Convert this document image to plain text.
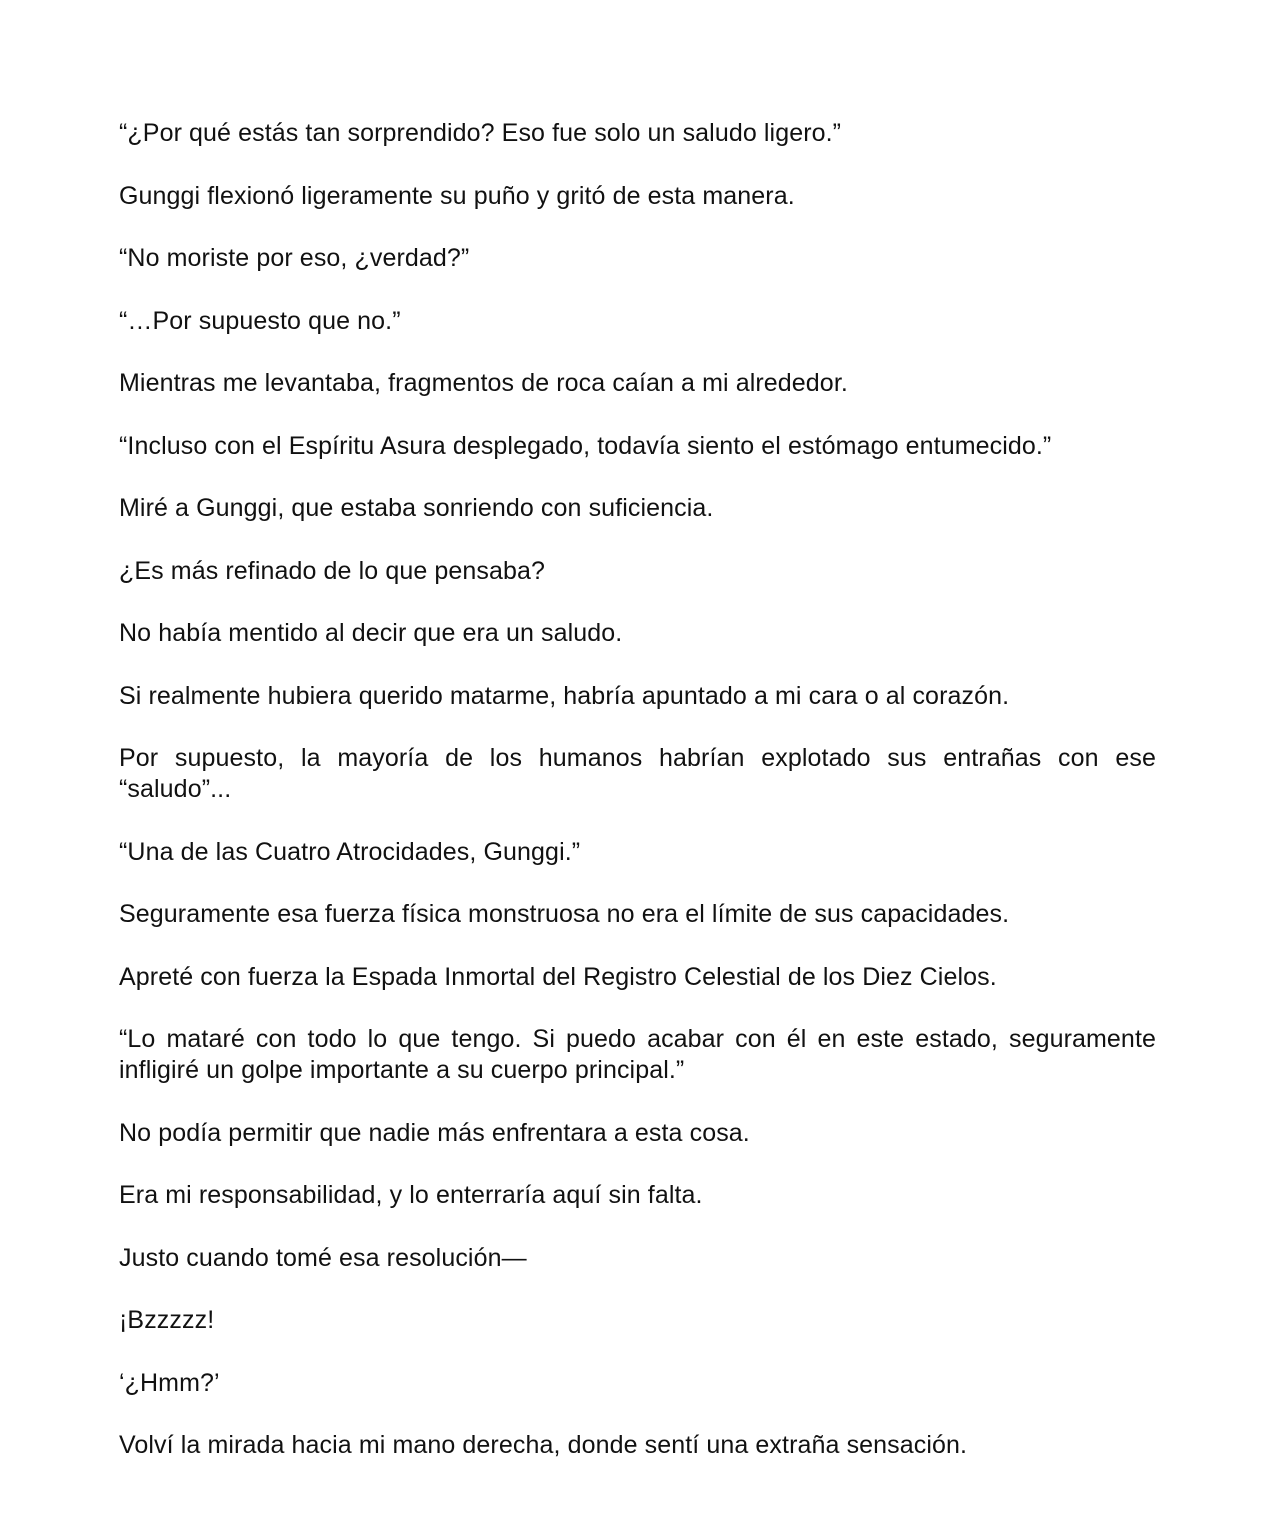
“¿Por qué estás tan sorprendido? Eso fue solo un saludo ligero.”

Gunggi flexionó ligeramente su puño y gritó de esta manera.

“No moriste por eso, ¿verdad?”

“…Por supuesto que no.”

Mientras me levantaba, fragmentos de roca caían a mi alrededor.

“Incluso con el Espíritu Asura desplegado, todavía siento el estómago entumecido.”

Miré a Gunggi, que estaba sonriendo con suficiencia.

¿Es más refinado de lo que pensaba?

No había mentido al decir que era un saludo.

Si realmente hubiera querido matarme, habría apuntado a mi cara o al corazón.

Por supuesto, la mayoría de los humanos habrían explotado sus entrañas con ese “saludo”...

“Una de las Cuatro Atrocidades, Gunggi.”

Seguramente esa fuerza física monstruosa no era el límite de sus capacidades.

Apreté con fuerza la Espada Inmortal del Registro Celestial de los Diez Cielos.

“Lo mataré con todo lo que tengo. Si puedo acabar con él en este estado, seguramente infligiré un golpe importante a su cuerpo principal.”

No podía permitir que nadie más enfrentara a esta cosa.

Era mi responsabilidad, y lo enterraría aquí sin falta.

Justo cuando tomé esa resolución—

¡Bzzzzz!

‘¿Hmm?’

Volví la mirada hacia mi mano derecha, donde sentí una extraña sensación.
